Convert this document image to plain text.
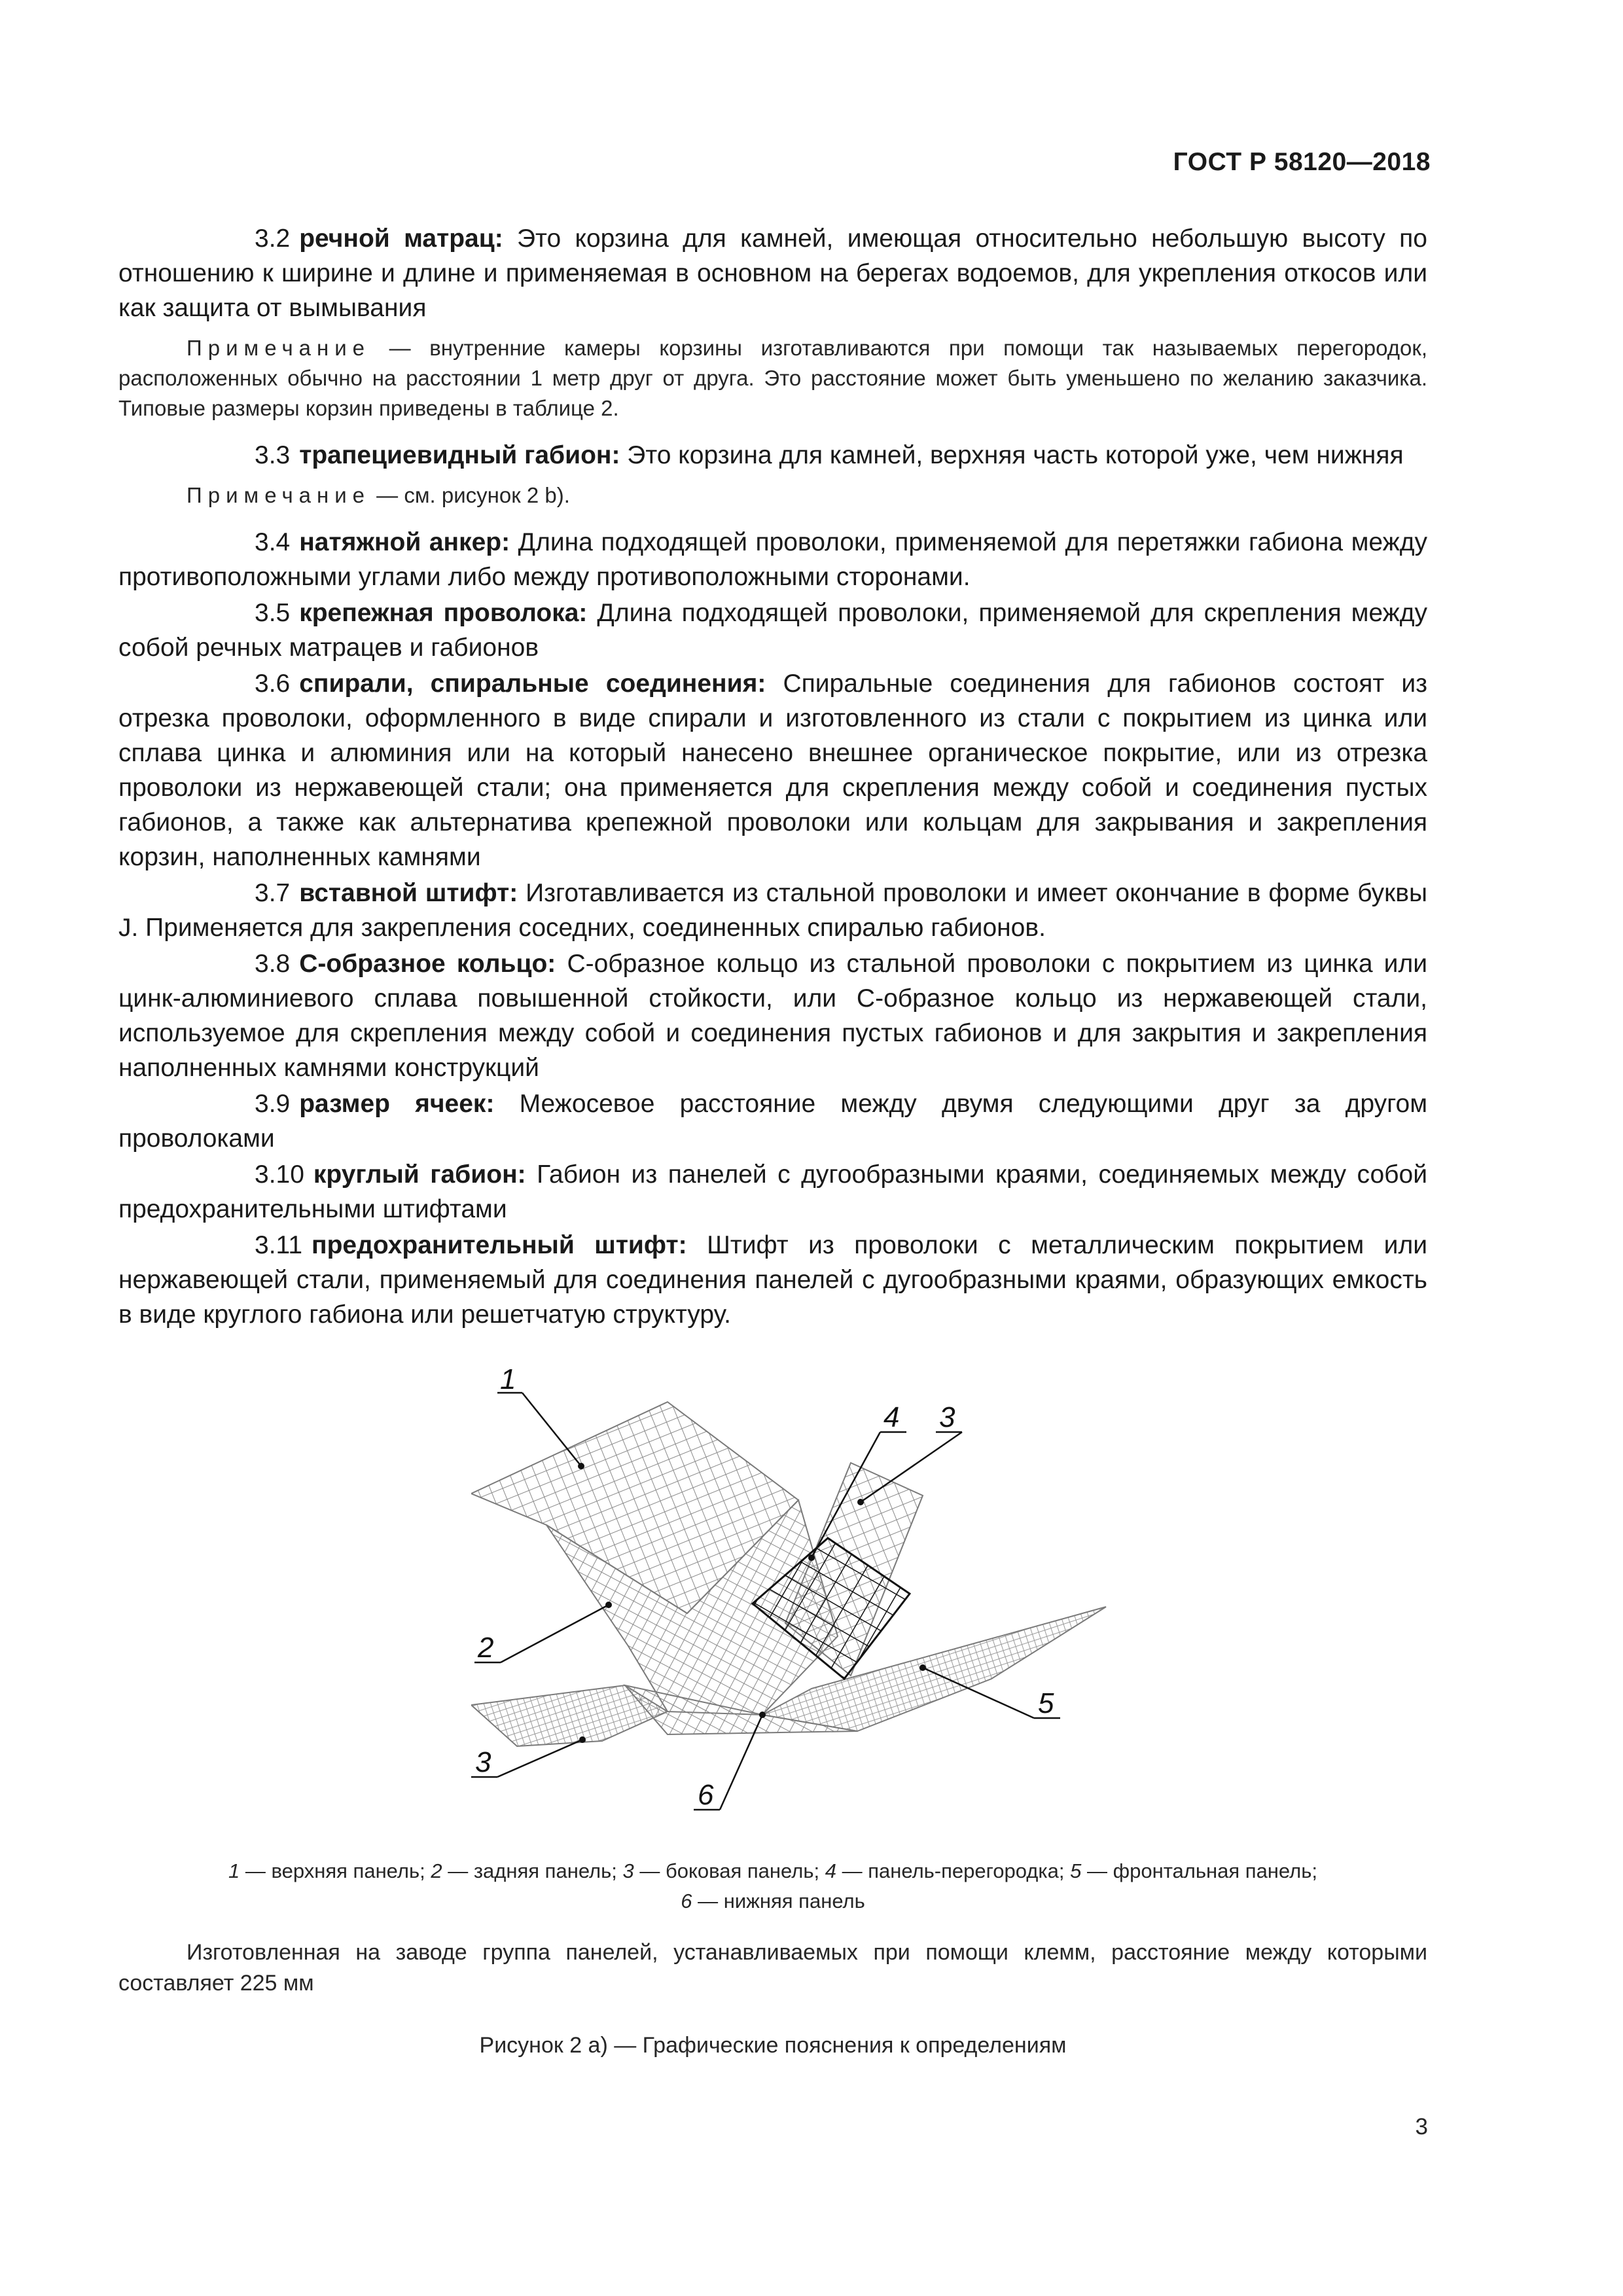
ГОСТ Р 58120—2018

3.2 речной матрац: Это корзина для камней, имеющая относительно небольшую высоту по отношению к ширине и длине и применяемая в основном на берегах водоемов, для укрепления откосов или как защита от вымывания

Примечание — внутренние камеры корзины изготавливаются при помощи так называемых перегородок, расположенных обычно на расстоянии 1 метр друг от друга. Это расстояние может быть уменьшено по желанию заказчика. Типовые размеры корзин приведены в таблице 2.

3.3 трапециевидный габион: Это корзина для камней, верхняя часть которой уже, чем нижняя

Примечание — см. рисунок 2 b).

3.4 натяжной анкер: Длина подходящей проволоки, применяемой для перетяжки габиона между противоположными углами либо между противоположными сторонами.

3.5 крепежная проволока: Длина подходящей проволоки, применяемой для скрепления между собой речных матрацев и габионов

3.6 спирали, спиральные соединения: Спиральные соединения для габионов состоят из отрезка проволоки, оформленного в виде спирали и изготовленного из стали с покрытием из цинка или сплава цинка и алюминия или на который нанесено внешнее органическое покрытие, или из отрезка проволоки из нержавеющей стали; она применяется для скрепления между собой и соединения пустых габионов, а также как альтернатива крепежной проволоки или кольцам для закрывания и закрепления корзин, наполненных камнями

3.7 вставной штифт: Изготавливается из стальной проволоки и имеет окончание в форме буквы J. Применяется для закрепления соседних, соединенных спиралью габионов.

3.8 С-образное кольцо: С-образное кольцо из стальной проволоки с покрытием из цинка или цинк-алюминиевого сплава повышенной стойкости, или С-образное кольцо из нержавеющей стали, используемое для скрепления между собой и соединения пустых габионов и для закрытия и закрепления наполненных камнями конструкций

3.9 размер ячеек: Межосевое расстояние между двумя следующими друг за другом проволоками

3.10 круглый габион: Габион из панелей с дугообразными краями, соединяемых между собой предохранительными штифтами

3.11 предохранительный штифт: Штифт из проволоки с металлическим покрытием или нержавеющей стали, применяемый для соединения панелей с дугообразными краями, образующих емкость в виде круглого габиона или решетчатую структуру.

1
4 3
2
5
3
6
1 — верхняя панель; 2 — задняя панель; 3 — боковая панель; 4 — панель-перегородка; 5 — фронтальная панель;
6 — нижняя панель
Изготовленная на заводе группа панелей, устанавливаемых при помощи клемм, расстояние между которыми составляет 225 мм
Рисунок 2 а) — Графические пояснения к определениям
3
